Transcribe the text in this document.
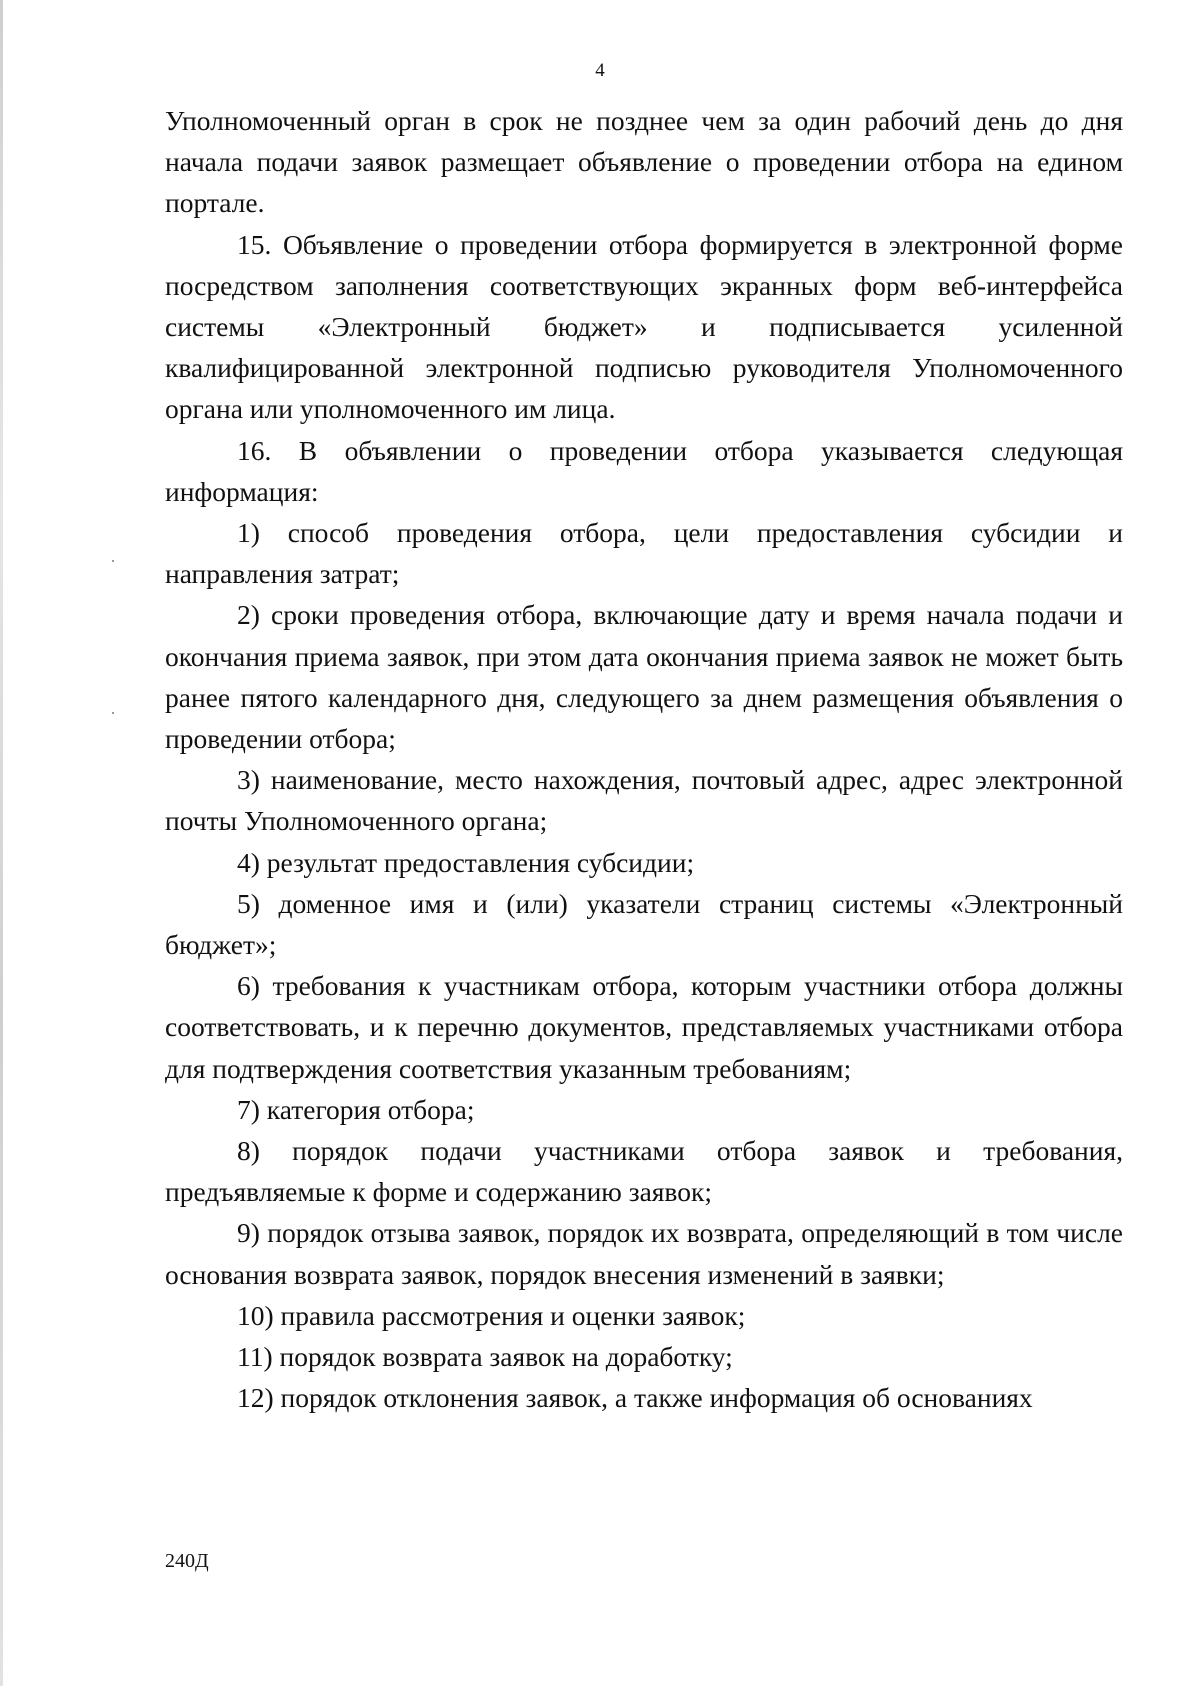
4

Уполномоченный орган в срок не позднее чем за один рабочий день до дня начала подачи заявок размещает объявление о проведении отбора на едином портале.

15. Объявление о проведении отбора формируется в электронной форме посредством заполнения соответствующих экранных форм веб-интерфейса системы «Электронный бюджет» и подписывается усиленной квалифицированной электронной подписью руководителя Уполномоченного органа или уполномоченного им лица.

16. В объявлении о проведении отбора указывается следующая информация:

1) способ проведения отбора, цели предоставления субсидии и направления затрат;

2) сроки проведения отбора, включающие дату и время начала подачи и окончания приема заявок, при этом дата окончания приема заявок не может быть ранее пятого календарного дня, следующего за днем размещения объявления о проведении отбора;

3) наименование, место нахождения, почтовый адрес, адрес электронной почты Уполномоченного органа;

4) результат предоставления субсидии;

5) доменное имя и (или) указатели страниц системы «Электронный бюджет»;

6) требования к участникам отбора, которым участники отбора должны соответствовать, и к перечню документов, представляемых участниками отбора для подтверждения соответствия указанным требованиям;

7) категория отбора;

8) порядок подачи участниками отбора заявок и требования, предъявляемые к форме и содержанию заявок;

9) порядок отзыва заявок, порядок их возврата, определяющий в том числе основания возврата заявок, порядок внесения изменений в заявки;

10) правила рассмотрения и оценки заявок;

11) порядок возврата заявок на доработку;

12) порядок отклонения заявок, а также информация об основаниях

240Д
